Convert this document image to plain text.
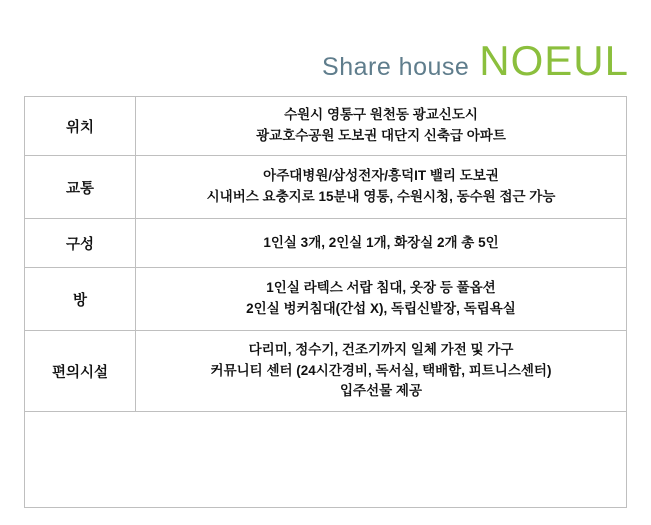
Share house NOEUL
위치	수원시 영통구 원천동 광교신도시
광교호수공원 도보권 대단지 신축급 아파트

교통	아주대병원/삼성전자/흥덕IT 밸리 도보권
시내버스 요충지로 15분내 영통, 수원시청, 동수원 접근 가능

구성	1인실 3개, 2인실 1개, 화장실 2개 총 5인

방	1인실 라텍스 서랍 침대, 옷장 등 풀옵션
2인실 벙커침대(간섭 X), 독립신발장, 독립욕실

편의시설	다리미, 정수기, 건조기까지 일체 가전 및 가구
커뮤니티 센터 (24시간경비, 독서실, 택배함, 피트니스센터)
입주선물 제공
